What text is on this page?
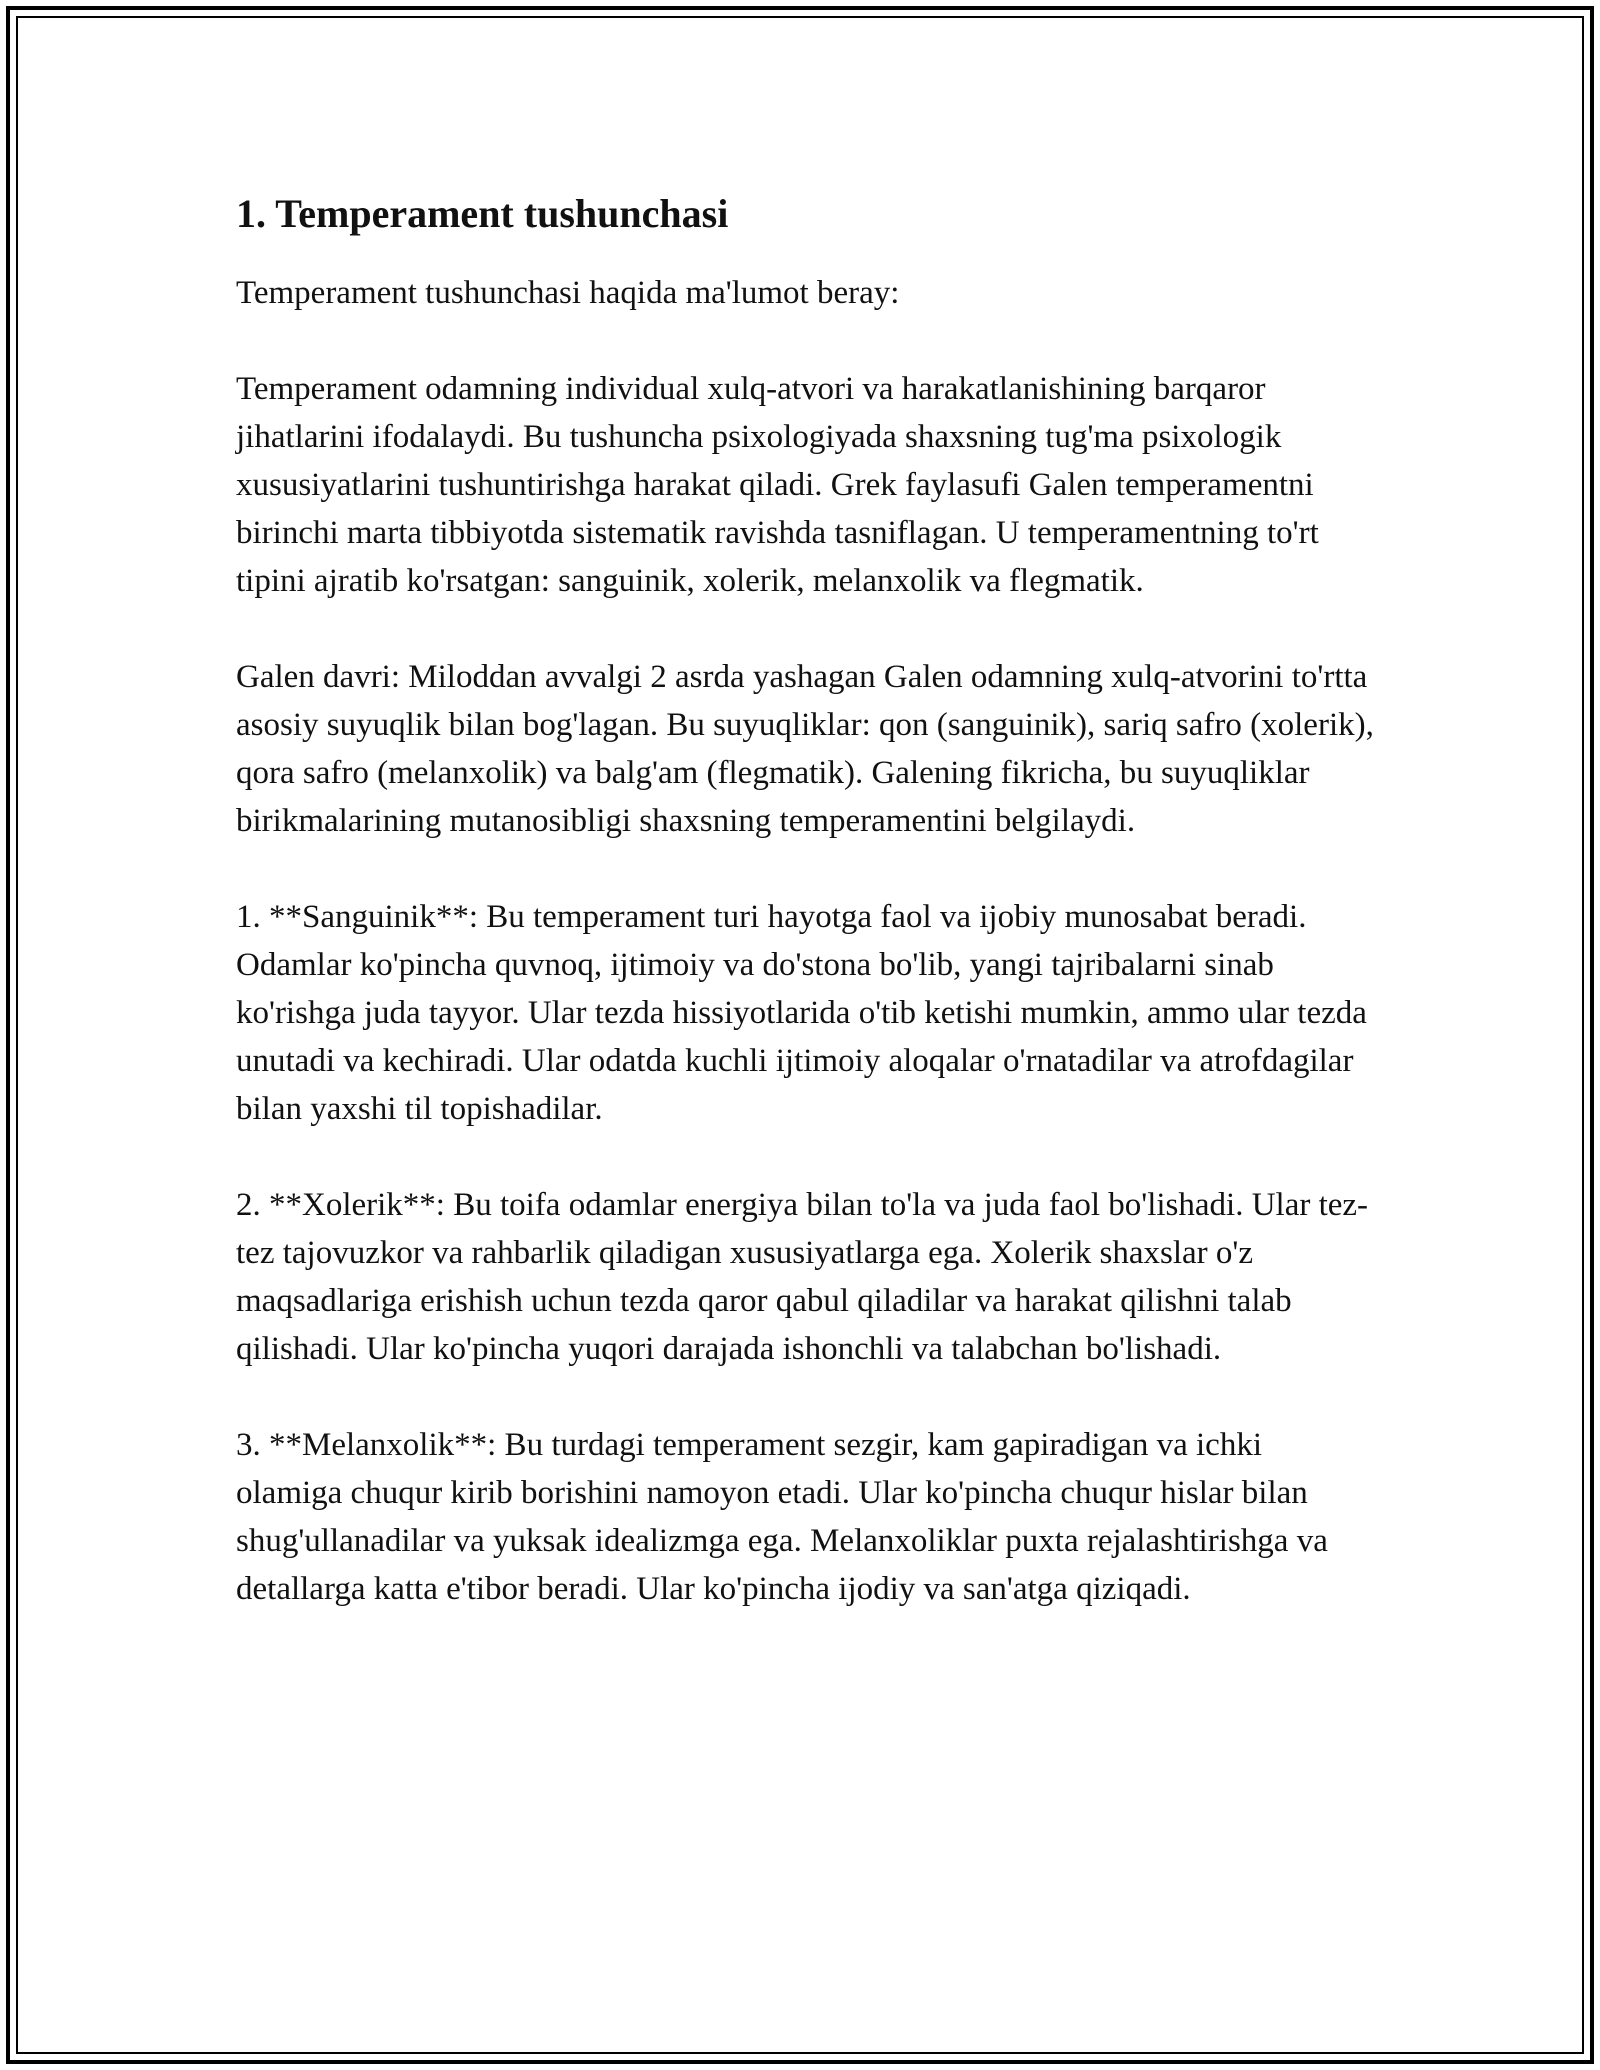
1. Temperament tushunchasi

Temperament tushunchasi haqida ma'lumot beray:

Temperament odamning individual xulq-atvori va harakatlanishining barqaror jihatlarini ifodalaydi. Bu tushuncha psixologiyada shaxsning tug'ma psixologik xususiyatlarini tushuntirishga harakat qiladi. Grek faylasufi Galen temperamentni birinchi marta tibbiyotda sistematik ravishda tasniflagan. U temperamentning to'rt tipini ajratib ko'rsatgan: sanguinik, xolerik, melanxolik va flegmatik.

Galen davri: Miloddan avvalgi 2 asrda yashagan Galen odamning xulq-atvorini to'rtta asosiy suyuqlik bilan bog'lagan. Bu suyuqliklar: qon (sanguinik), sariq safro (xolerik), qora safro (melanxolik) va balg'am (flegmatik). Galening fikricha, bu suyuqliklar birikmalarining mutanosibligi shaxsning temperamentini belgilaydi.

1. **Sanguinik**: Bu temperament turi hayotga faol va ijobiy munosabat beradi. Odamlar ko'pincha quvnoq, ijtimoiy va do'stona bo'lib, yangi tajribalarni sinab ko'rishga juda tayyor. Ular tezda hissiyotlarida o'tib ketishi mumkin, ammo ular tezda unutadi va kechiradi. Ular odatda kuchli ijtimoiy aloqalar o'rnatadilar va atrofdagilar bilan yaxshi til topishadilar.

2. **Xolerik**: Bu toifa odamlar energiya bilan to'la va juda faol bo'lishadi. Ular tez-tez tajovuzkor va rahbarlik qiladigan xususiyatlarga ega. Xolerik shaxslar o'z maqsadlariga erishish uchun tezda qaror qabul qiladilar va harakat qilishni talab qilishadi. Ular ko'pincha yuqori darajada ishonchli va talabchan bo'lishadi.

3. **Melanxolik**: Bu turdagi temperament sezgir, kam gapiradigan va ichki olamiga chuqur kirib borishini namoyon etadi. Ular ko'pincha chuqur hislar bilan shug'ullanadilar va yuksak idealizmga ega. Melanxoliklar puxta rejalashtirishga va detallarga katta e'tibor beradi. Ular ko'pincha ijodiy va san'atga qiziqadi.
